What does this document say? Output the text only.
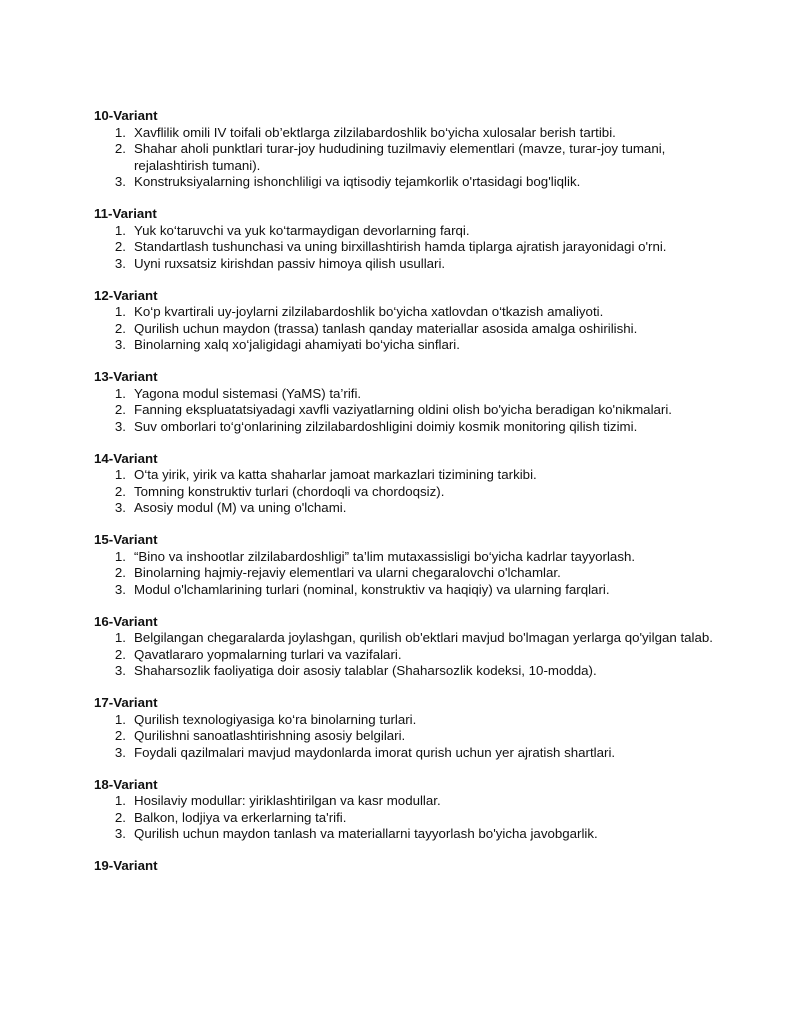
10-Variant
1. Xavflilik omili IV toifali ob’ektlarga zilzilabardoshlik bo‘yicha xulosalar berish tartibi.
2. Shahar aholi punktlari turar-joy hududining tuzilmaviy elementlari (mavze, turar-joy tumani, rejalashtirish tumani).
3. Konstruksiyalarning ishonchliligi va iqtisodiy tejamkorlik o'rtasidagi bog'liqlik.
11-Variant
1. Yuk ko‘taruvchi va yuk ko‘tarmaydigan devorlarning farqi.
2. Standartlash tushunchasi va uning birxillashtirish hamda tiplarga ajratish jarayonidagi o'rni.
3. Uyni ruxsatsiz kirishdan passiv himoya qilish usullari.
12-Variant
1. Ko‘p kvartirali uy-joylarni zilzilabardoshlik bo‘yicha xatlovdan o‘tkazish amaliyoti.
2. Qurilish uchun maydon (trassa) tanlash qanday materiallar asosida amalga oshirilishi.
3. Binolarning xalq xo‘jaligidagi ahamiyati bo‘yicha sinflari.
13-Variant
1. Yagona modul sistemasi (YaMS) ta’rifi.
2. Fanning ekspluatatsiyadagi xavfli vaziyatlarning oldini olish bo'yicha beradigan ko'nikmalari.
3. Suv omborlari to‘g‘onlarining zilzilabardoshligini doimiy kosmik monitoring qilish tizimi.
14-Variant
1. O‘ta yirik, yirik va katta shaharlar jamoat markazlari tizimining tarkibi.
2. Tomning konstruktiv turlari (chordoqli va chordoqsiz).
3. Asosiy modul (M) va uning o'lchami.
15-Variant
1. “Bino va inshootlar zilzilabardoshligi” ta’lim mutaxassisligi bo‘yicha kadrlar tayyorlash.
2. Binolarning hajmiy-rejaviy elementlari va ularni chegaralovchi o'lchamlar.
3. Modul o'lchamlarining turlari (nominal, konstruktiv va haqiqiy) va ularning farqlari.
16-Variant
1. Belgilangan chegaralarda joylashgan, qurilish ob'ektlari mavjud bo'lmagan yerlarga qo'yilgan talab.
2. Qavatlararo yopmalarning turlari va vazifalari.
3. Shaharsozlik faoliyatiga doir asosiy talablar (Shaharsozlik kodeksi, 10-modda).
17-Variant
1. Qurilish texnologiyasiga ko‘ra binolarning turlari.
2. Qurilishni sanoatlashtirishning asosiy belgilari.
3. Foydali qazilmalari mavjud maydonlarda imorat qurish uchun yer ajratish shartlari.
18-Variant
1. Hosilaviy modullar: yiriklashtirilgan va kasr modullar.
2. Balkon, lodjiya va erkerlarning ta'rifi.
3. Qurilish uchun maydon tanlash va materiallarni tayyorlash bo'yicha javobgarlik.
19-Variant
